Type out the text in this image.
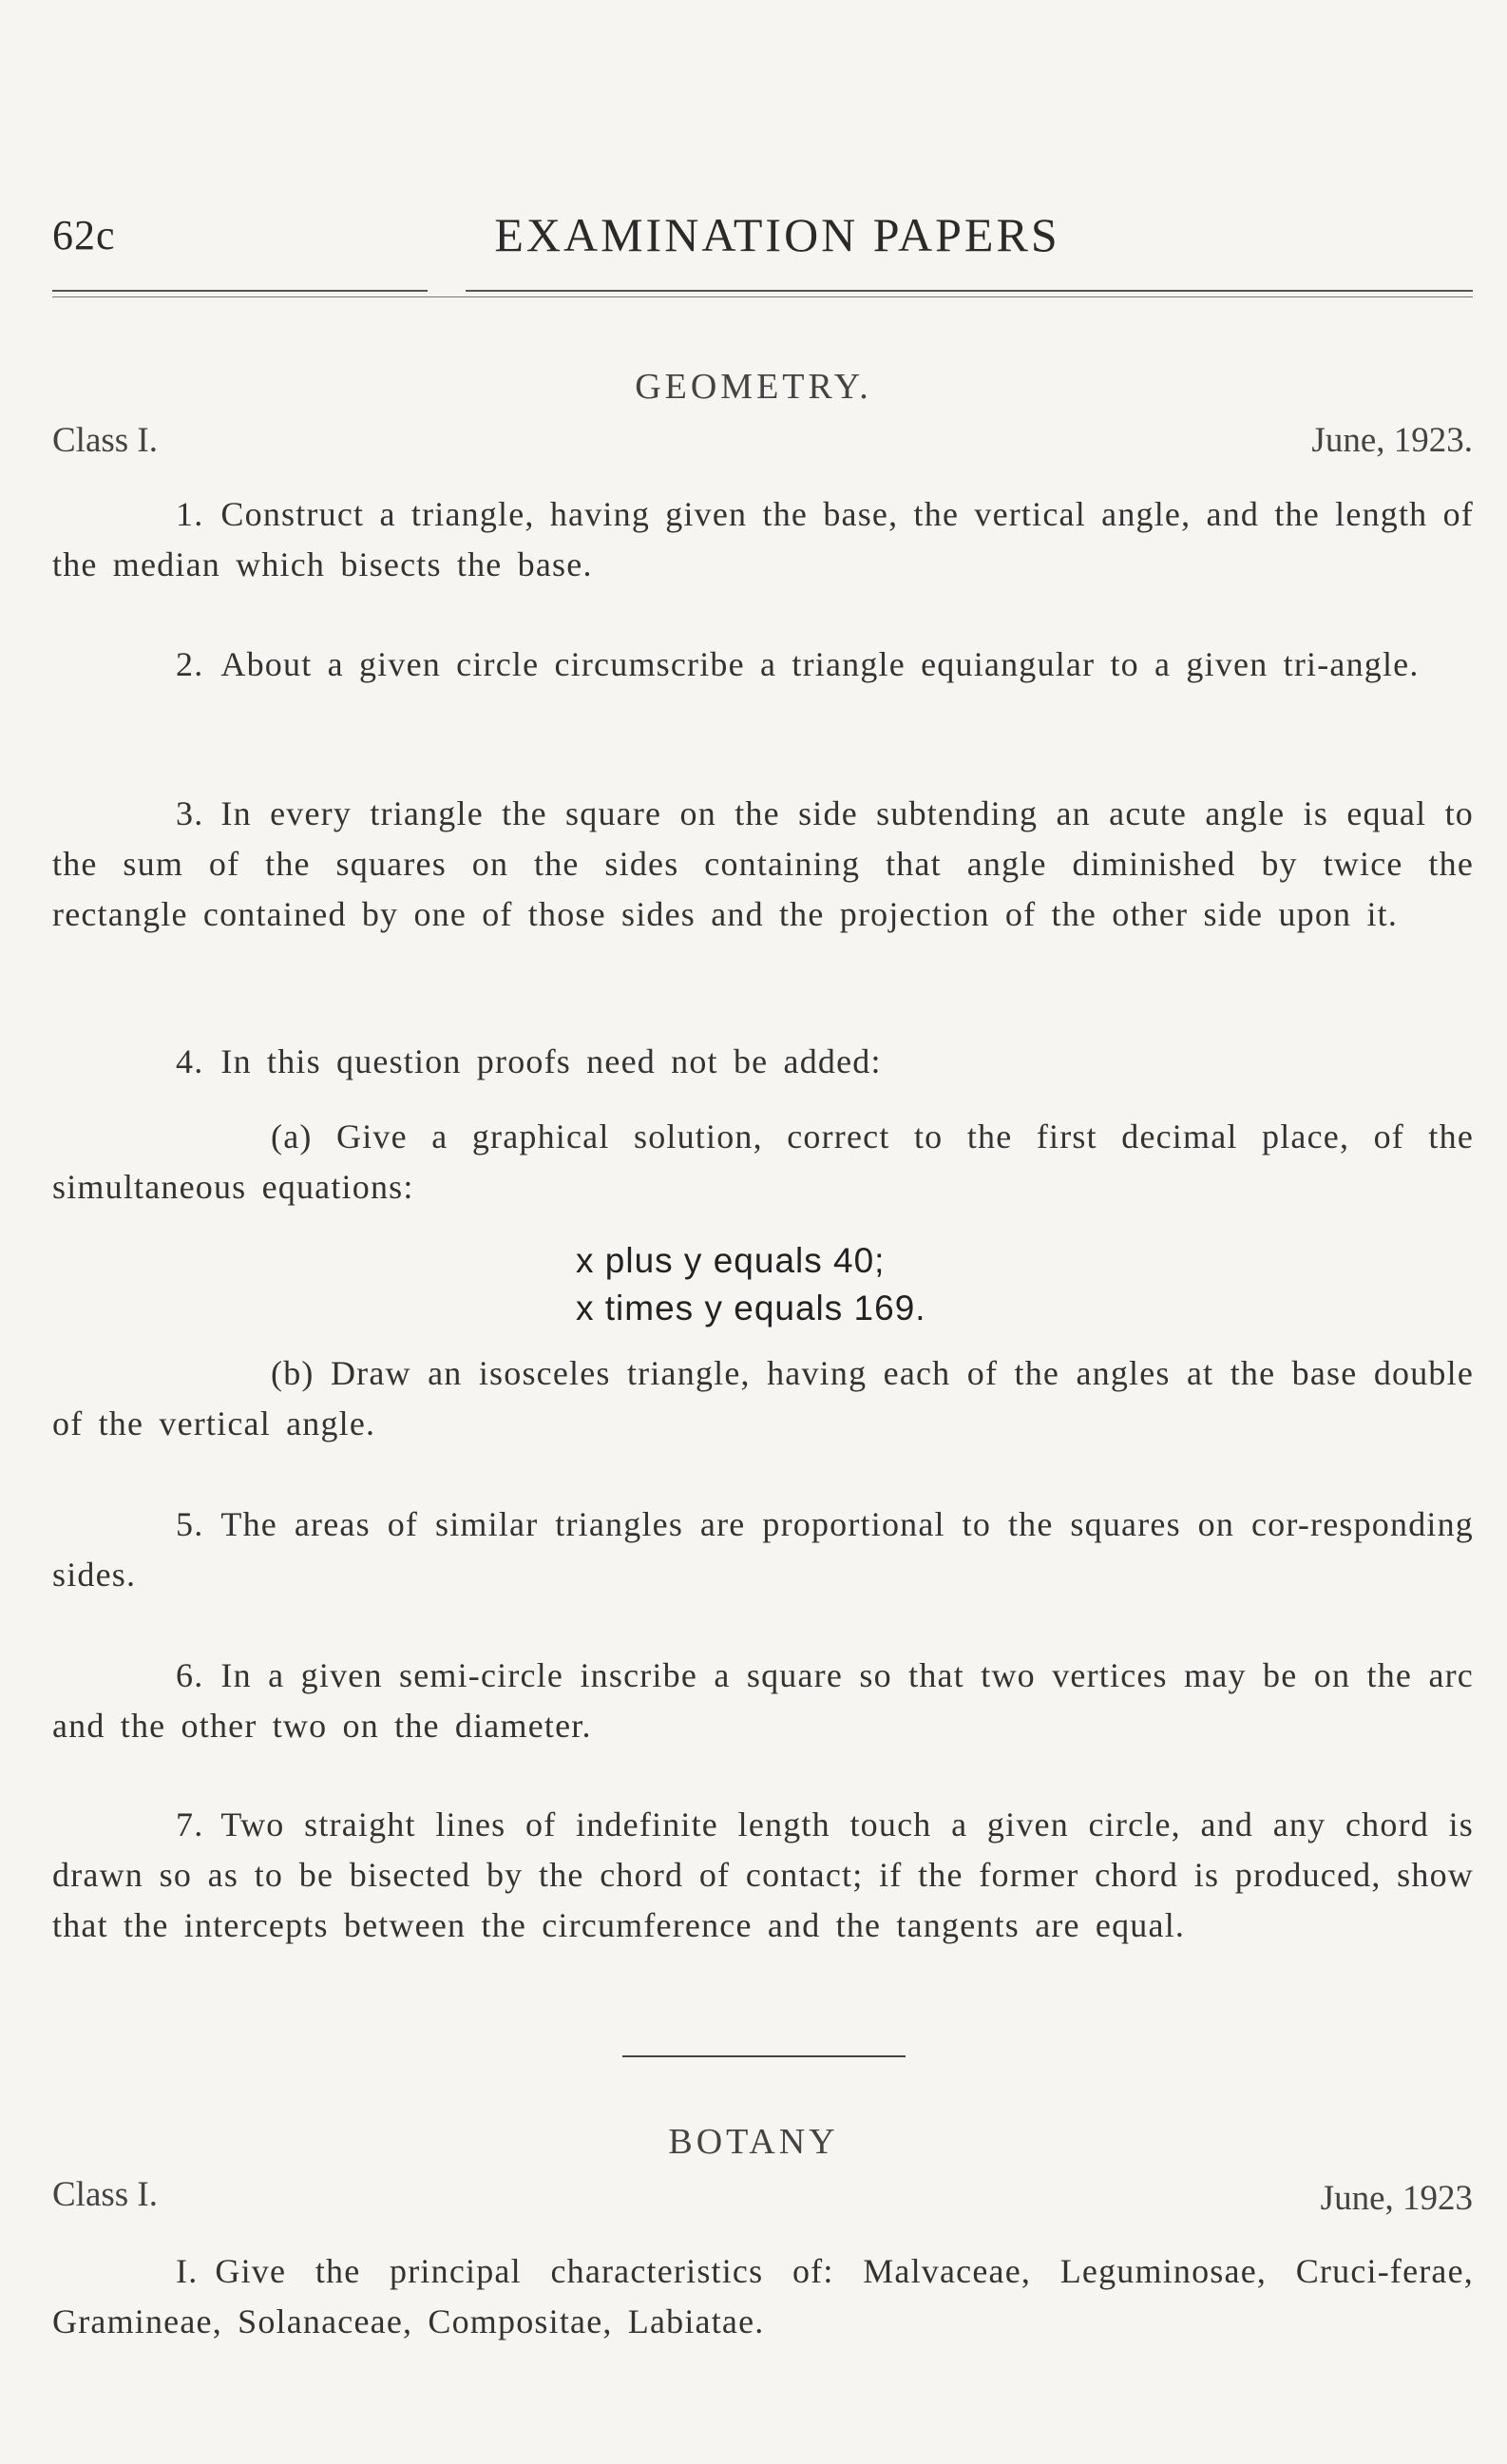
62c	EXAMINATION PAPERS
GEOMETRY.
Class I.	June, 1923.
1. Construct a triangle, having given the base, the vertical angle, and the length of the median which bisects the base.
2. About a given circle circumscribe a triangle equiangular to a given tri-angle.
3. In every triangle the square on the side subtending an acute angle is equal to the sum of the squares on the sides containing that angle diminished by twice the rectangle contained by one of those sides and the projection of the other side upon it.
4. In this question proofs need not be added:
(a) Give a graphical solution, correct to the first decimal place, of the simultaneous equations:
x plus y equals 40;
x times y equals 169.
(b) Draw an isosceles triangle, having each of the angles at the base double of the vertical angle.
5. The areas of similar triangles are proportional to the squares on cor-responding sides.
6. In a given semi-circle inscribe a square so that two vertices may be on the arc and the other two on the diameter.
7. Two straight lines of indefinite length touch a given circle, and any chord is drawn so as to be bisected by the chord of contact; if the former chord is produced, show that the intercepts between the circumference and the tangents are equal.
BOTANY
Class I.	June, 1923
I. Give the principal characteristics of: Malvaceae, Leguminosae, Cruci-ferae, Gramineae, Solanaceae, Compositae, Labiatae.
